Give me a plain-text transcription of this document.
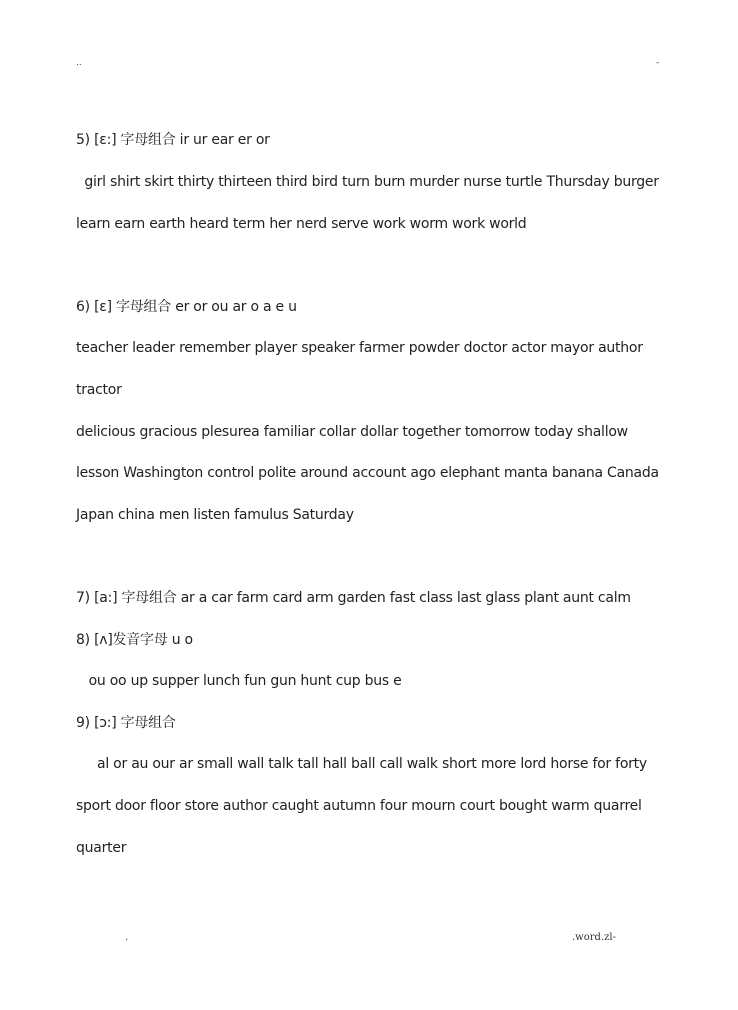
..	-
5) [ɛ:] 字母组合 ir ur ear er or
girl shirt skirt thirty thirteen third bird turn burn murder nurse turtle Thursday burger
learn earn earth heard term her nerd serve work worm work world
6) [ɛ] 字母组合 er or ou ar o a e u
teacher leader remember player speaker farmer powder doctor actor mayor author
tractor
delicious gracious plesurea familiar collar dollar together tomorrow today shallow
lesson Washington control polite around account ago elephant manta banana Canada
Japan china men listen famulus Saturday
7) [a:] 字母组合 ar a car farm card arm garden fast class last glass plant aunt calm
8) [ʌ]发音字母 u o
ou oo up supper lunch fun gun hunt cup bus e
9) [ɔ:] 字母组合
al or au our ar small wall talk tall hall ball call walk short more lord horse for forty
sport door floor store author caught autumn four mourn court bought warm quarrel
quarter
.	.word.zl-
